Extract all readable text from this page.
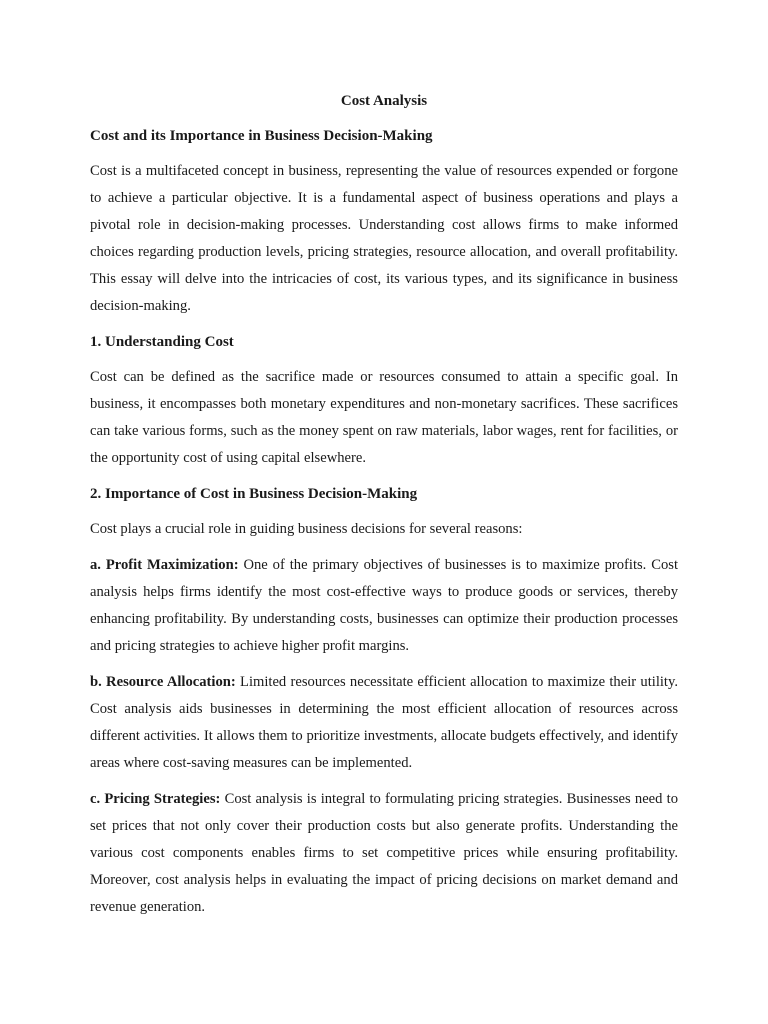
Cost Analysis
Cost and its Importance in Business Decision-Making

Cost is a multifaceted concept in business, representing the value of resources expended or forgone to achieve a particular objective. It is a fundamental aspect of business operations and plays a pivotal role in decision-making processes. Understanding cost allows firms to make informed choices regarding production levels, pricing strategies, resource allocation, and overall profitability. This essay will delve into the intricacies of cost, its various types, and its significance in business decision-making.

1. Understanding Cost

Cost can be defined as the sacrifice made or resources consumed to attain a specific goal. In business, it encompasses both monetary expenditures and non-monetary sacrifices. These sacrifices can take various forms, such as the money spent on raw materials, labor wages, rent for facilities, or the opportunity cost of using capital elsewhere.

2. Importance of Cost in Business Decision-Making

Cost plays a crucial role in guiding business decisions for several reasons:

a. Profit Maximization: One of the primary objectives of businesses is to maximize profits. Cost analysis helps firms identify the most cost-effective ways to produce goods or services, thereby enhancing profitability. By understanding costs, businesses can optimize their production processes and pricing strategies to achieve higher profit margins.

b. Resource Allocation: Limited resources necessitate efficient allocation to maximize their utility. Cost analysis aids businesses in determining the most efficient allocation of resources across different activities. It allows them to prioritize investments, allocate budgets effectively, and identify areas where cost-saving measures can be implemented.

c. Pricing Strategies: Cost analysis is integral to formulating pricing strategies. Businesses need to set prices that not only cover their production costs but also generate profits. Understanding the various cost components enables firms to set competitive prices while ensuring profitability. Moreover, cost analysis helps in evaluating the impact of pricing decisions on market demand and revenue generation.
